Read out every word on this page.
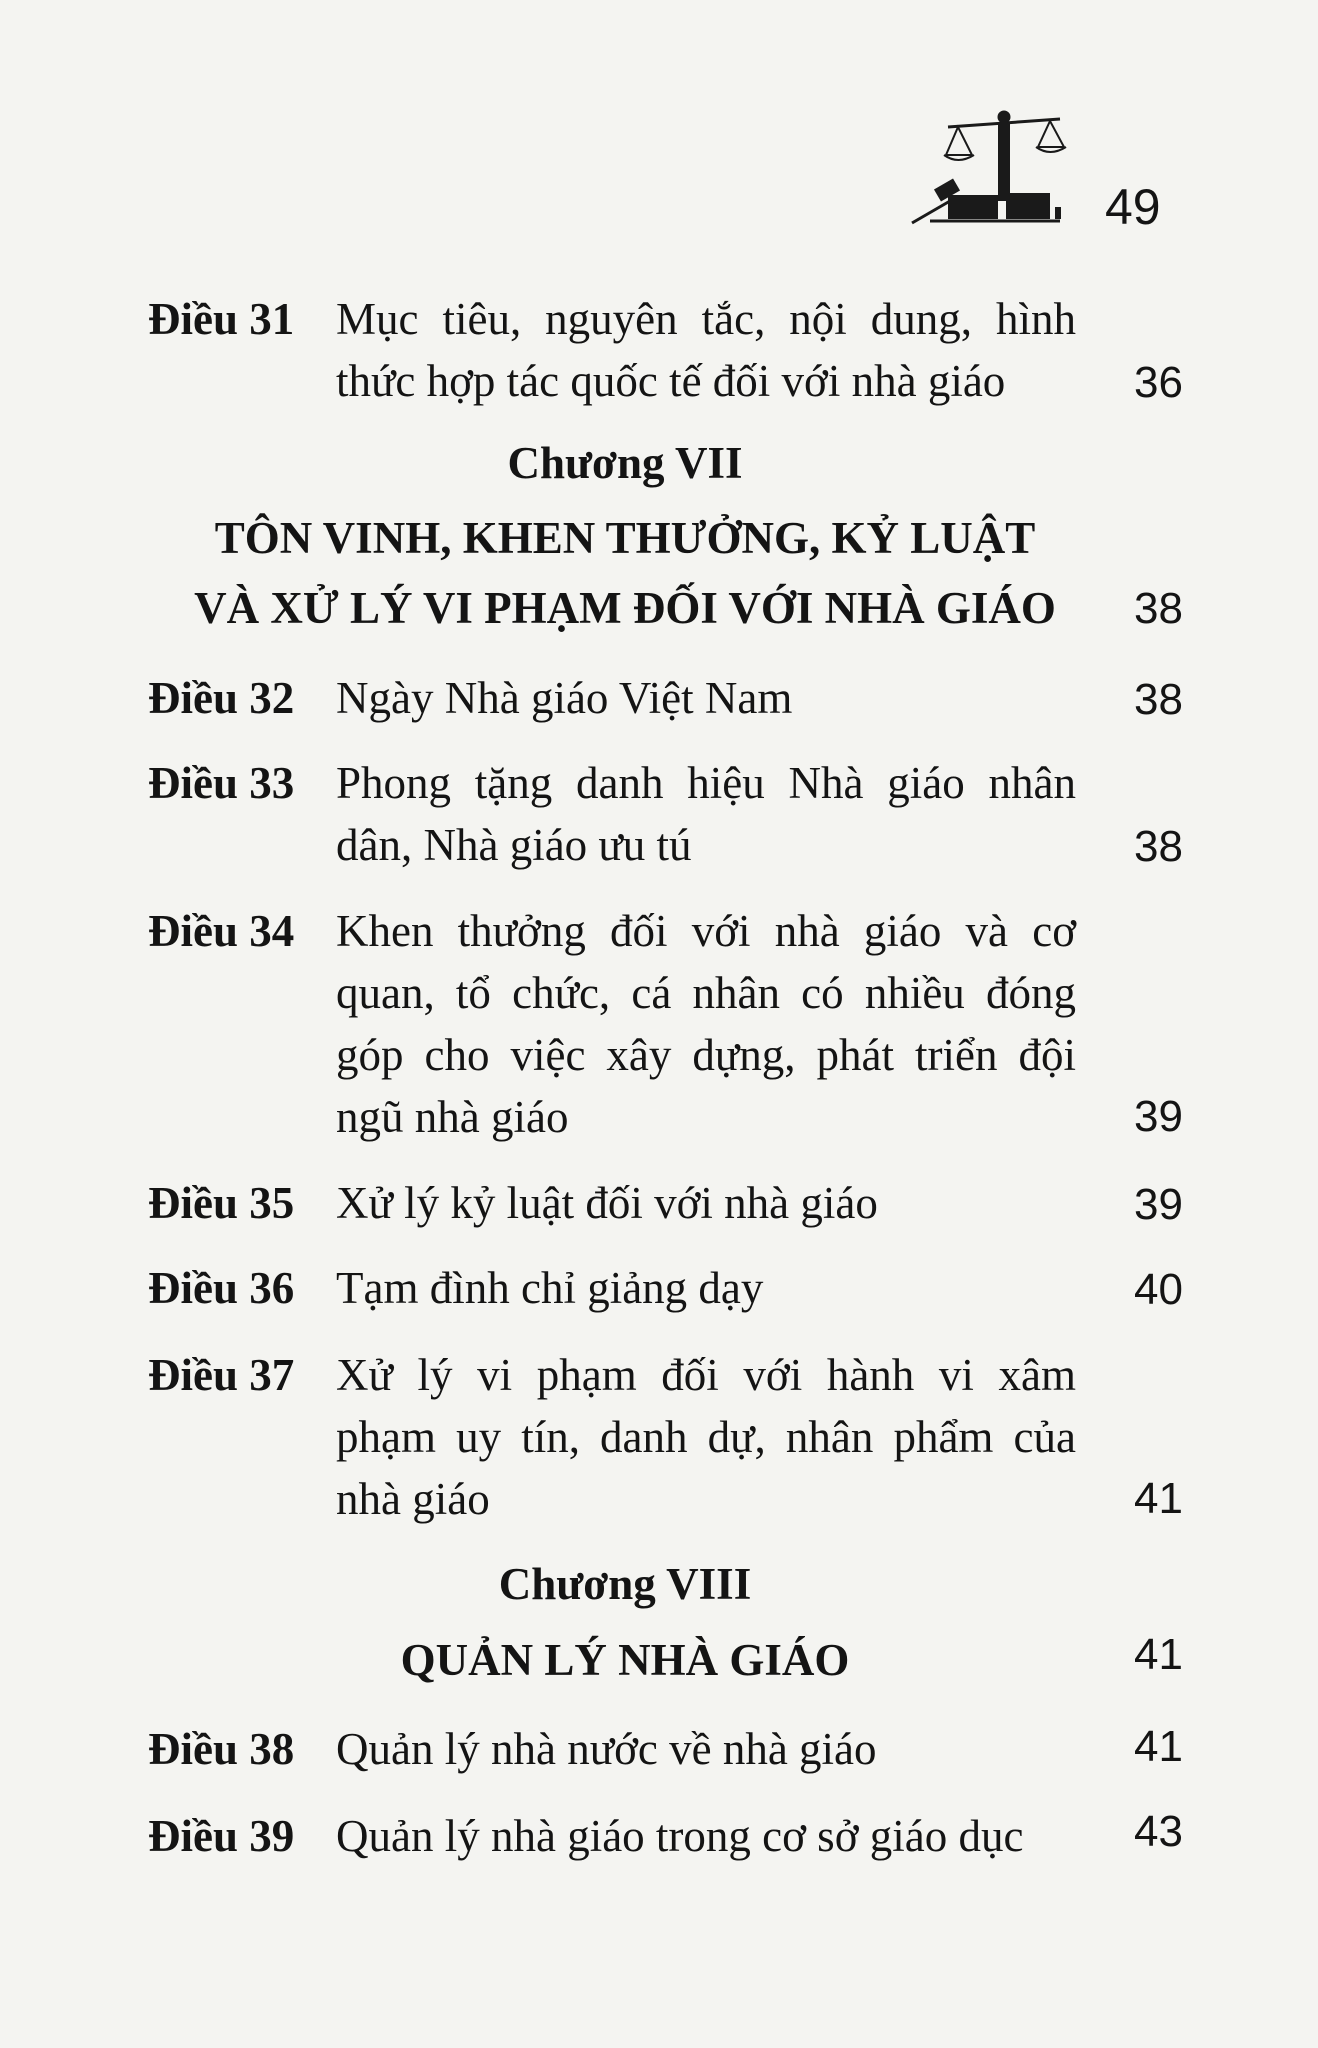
49
Điều 31 Mục tiêu, nguyên tắc, nội dung, hình
thức hợp tác quốc tế đối với nhà giáo	36
Chương VII
TÔN VINH, KHEN THƯỞNG, KỶ LUẬT
VÀ XỬ LÝ VI PHẠM ĐỐI VỚI NHÀ GIÁO	38
Điều 32 Ngày Nhà giáo Việt Nam	38
Điều 33 Phong tặng danh hiệu Nhà giáo nhân
dân, Nhà giáo ưu tú	38
Điều 34 Khen thưởng đối với nhà giáo và cơ
quan, tổ chức, cá nhân có nhiều đóng
góp cho việc xây dựng, phát triển đội
ngũ nhà giáo	39
Điều 35 Xử lý kỷ luật đối với nhà giáo	39
Điều 36 Tạm đình chỉ giảng dạy	40
Điều 37 Xử lý vi phạm đối với hành vi xâm
phạm uy tín, danh dự, nhân phẩm của
nhà giáo	41
Chương VIII
QUẢN LÝ NHÀ GIÁO	41
Điều 38 Quản lý nhà nước về nhà giáo	41
Điều 39 Quản lý nhà giáo trong cơ sở giáo dục	43
